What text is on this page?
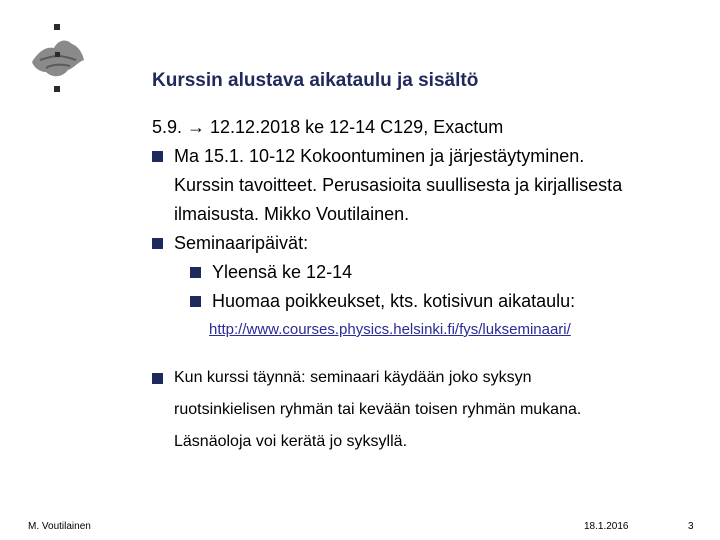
Kurssin alustava aikataulu ja sisältö
5.9. → 12.12.2018 ke 12-14 C129, Exactum
Ma 15.1. 10-12 Kokoontuminen ja järjestäytyminen.
Kurssin tavoitteet. Perusasioita suullisesta ja kirjallisesta
ilmaisusta. Mikko Voutilainen.
Seminaaripäivät:
Yleensä ke 12-14
Huomaa poikkeukset, kts. kotisivun aikataulu:
http://www.courses.physics.helsinki.fi/fys/lukseminaari/
Kun kurssi täynnä: seminaari käydään joko syksyn
ruotsinkielisen ryhmän tai kevään toisen ryhmän mukana.
Läsnäoloja voi kerätä jo syksyllä.
M. Voutilainen	18.1.2016	3
